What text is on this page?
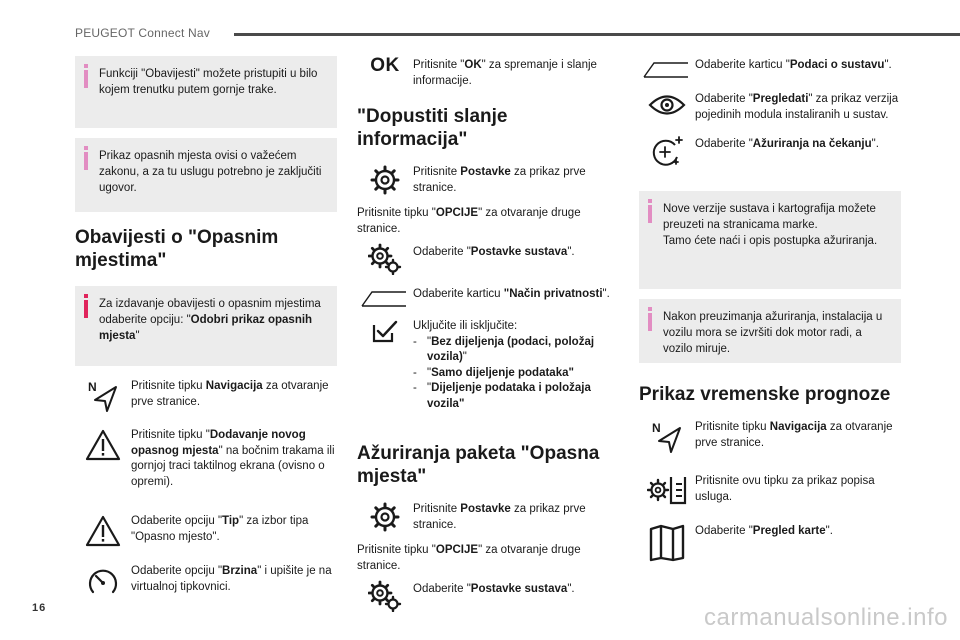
PEUGEOT Connect Nav
Funkciji "Obavijesti" možete pristupiti u bilo kojem trenutku putem gornje trake.
Prikaz opasnih mjesta ovisi o važećem zakonu, a za tu uslugu potrebno je zaključiti ugovor.
Obavijesti o "Opasnim mjestima"
Za izdavanje obavijesti o opasnim mjestima odaberite opciju: "Odobri prikaz opasnih mjesta"
N	Pritisnite tipku Navigacija za otvaranje prve stranice.
Pritisnite tipku "Dodavanje novog opasnog mjesta" na bočnim trakama ili gornjoj traci taktilnog ekrana (ovisno o opremi).
Odaberite opciju "Tip" za izbor tipa "Opasno mjesto".
Odaberite opciju "Brzina" i upišite je na virtualnoj tipkovnici.
OK Pritisnite "OK" za spremanje i slanje informacije.
"Dopustiti slanje informacija"
Pritisnite Postavke za prikaz prve stranice.
Pritisnite tipku "OPCIJE" za otvaranje druge stranice.
Odaberite "Postavke sustava".
Odaberite karticu "Način privatnosti".
Uključite ili isključite:
- "Bez dijeljenja (podaci, položaj vozila)"
- "Samo dijeljenje podataka"
- "Dijeljenje podataka i položaja vozila"
Ažuriranja paketa "Opasna mjesta"
Pritisnite Postavke za prikaz prve stranice.
Pritisnite tipku "OPCIJE" za otvaranje druge stranice.
Odaberite "Postavke sustava".
Odaberite karticu "Podaci o sustavu".
Odaberite "Pregledati" za prikaz verzija pojedinih modula instaliranih u sustav.
Odaberite "Ažuriranja na čekanju".
Nove verzije sustava i kartografija možete preuzeti na stranicama marke.
Tamo ćete naći i opis postupka ažuriranja.
Nakon preuzimanja ažuriranja, instalacija u vozilu mora se izvršiti dok motor radi, a vozilo miruje.
Prikaz vremenske prognoze
N	Pritisnite tipku Navigacija za otvaranje prve stranice.
Pritisnite ovu tipku za prikaz popisa usluga.
Odaberite "Pregled karte".
16	carmanualsonline.info
